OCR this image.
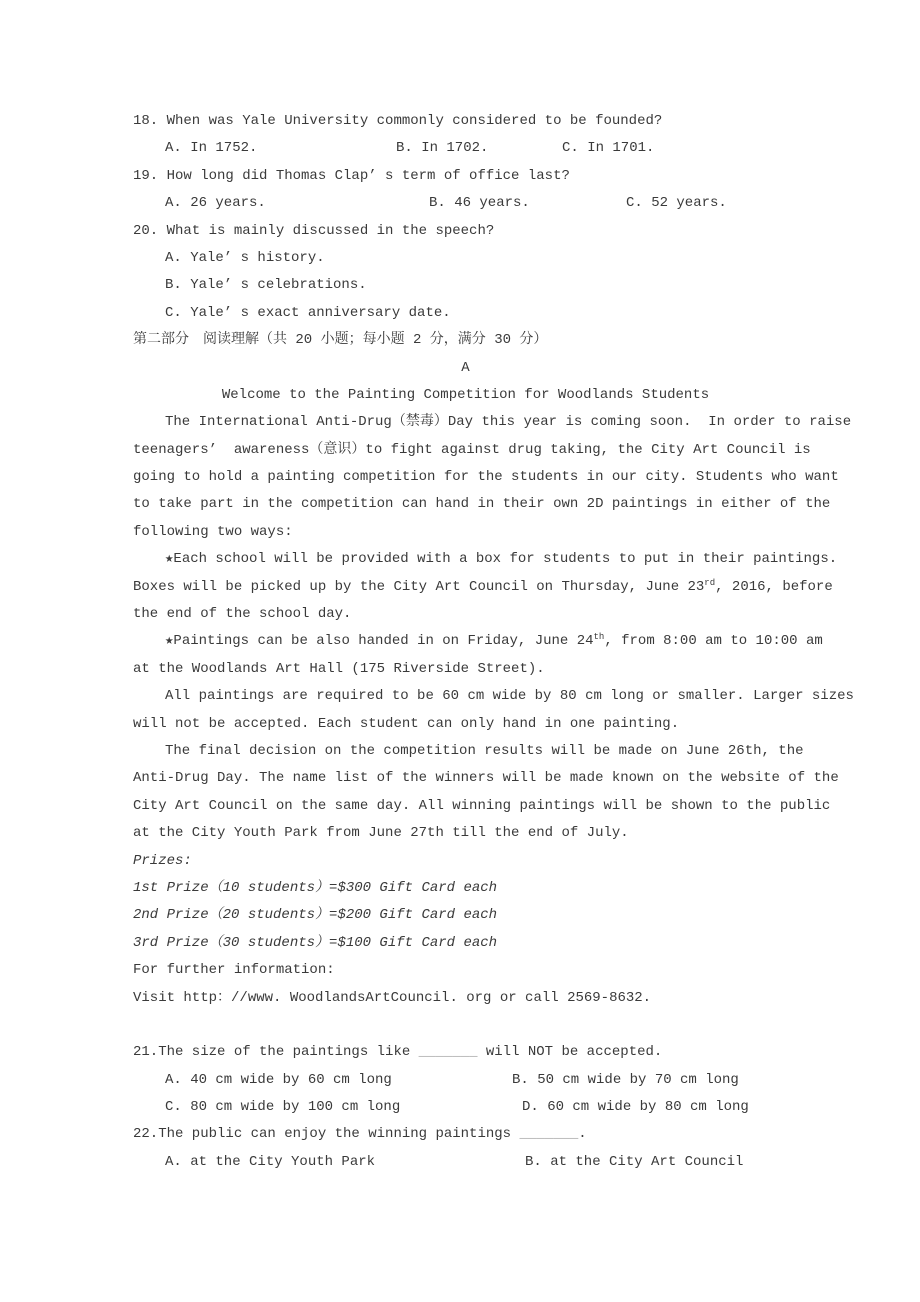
18. When was Yale University commonly considered to be founded?
A. In 1752.	B. In 1702.	C. In 1701.
19. How long did Thomas Clap’ s term of office last?
A. 26 years.	B. 46 years.	C. 52 years.
20. What is mainly discussed in the speech?
A. Yale’ s history.
B. Yale’ s celebrations.
C. Yale’ s exact anniversary date.
第二部分　阅读理解（共 20 小题；每小题 2 分，满分 30 分）
A
Welcome to the Painting Competition for Woodlands Students
The International Anti-Drug（禁毒）Day this year is coming soon.  In order to raise
teenagers’  awareness（意识）to fight against drug taking, the City Art Council is
going to hold a painting competition for the students in our city. Students who want
to take part in the competition can hand in their own 2D paintings in either of the
following two ways:
★Each school will be provided with a box for students to put in their paintings.
Boxes will be picked up by the City Art Council on Thursday, June 23rd, 2016, before
the end of the school day.
★Paintings can be also handed in on Friday, June 24th, from 8:00 am to 10:00 am
at the Woodlands Art Hall (175 Riverside Street).
All paintings are required to be 60 cm wide by 80 cm long or smaller. Larger sizes
will not be accepted. Each student can only hand in one painting.
The final decision on the competition results will be made on June 26th, the
Anti-Drug Day. The name list of the winners will be made known on the website of the
City Art Council on the same day. All winning paintings will be shown to the public
at the City Youth Park from June 27th till the end of July.
Prizes:
1st Prize（10 students）=$300 Gift Card each
2nd Prize（20 students）=$200 Gift Card each
3rd Prize（30 students）=$100 Gift Card each
For further information:
Visit http：//www. WoodlandsArtCouncil. org or call 2569-8632.
21.The size of the paintings like _______ will NOT be accepted.
A. 40 cm wide by 60 cm long	B. 50 cm wide by 70 cm long
C. 80 cm wide by 100 cm long	D. 60 cm wide by 80 cm long
22.The public can enjoy the winning paintings _______.
A. at the City Youth Park	B. at the City Art Council
